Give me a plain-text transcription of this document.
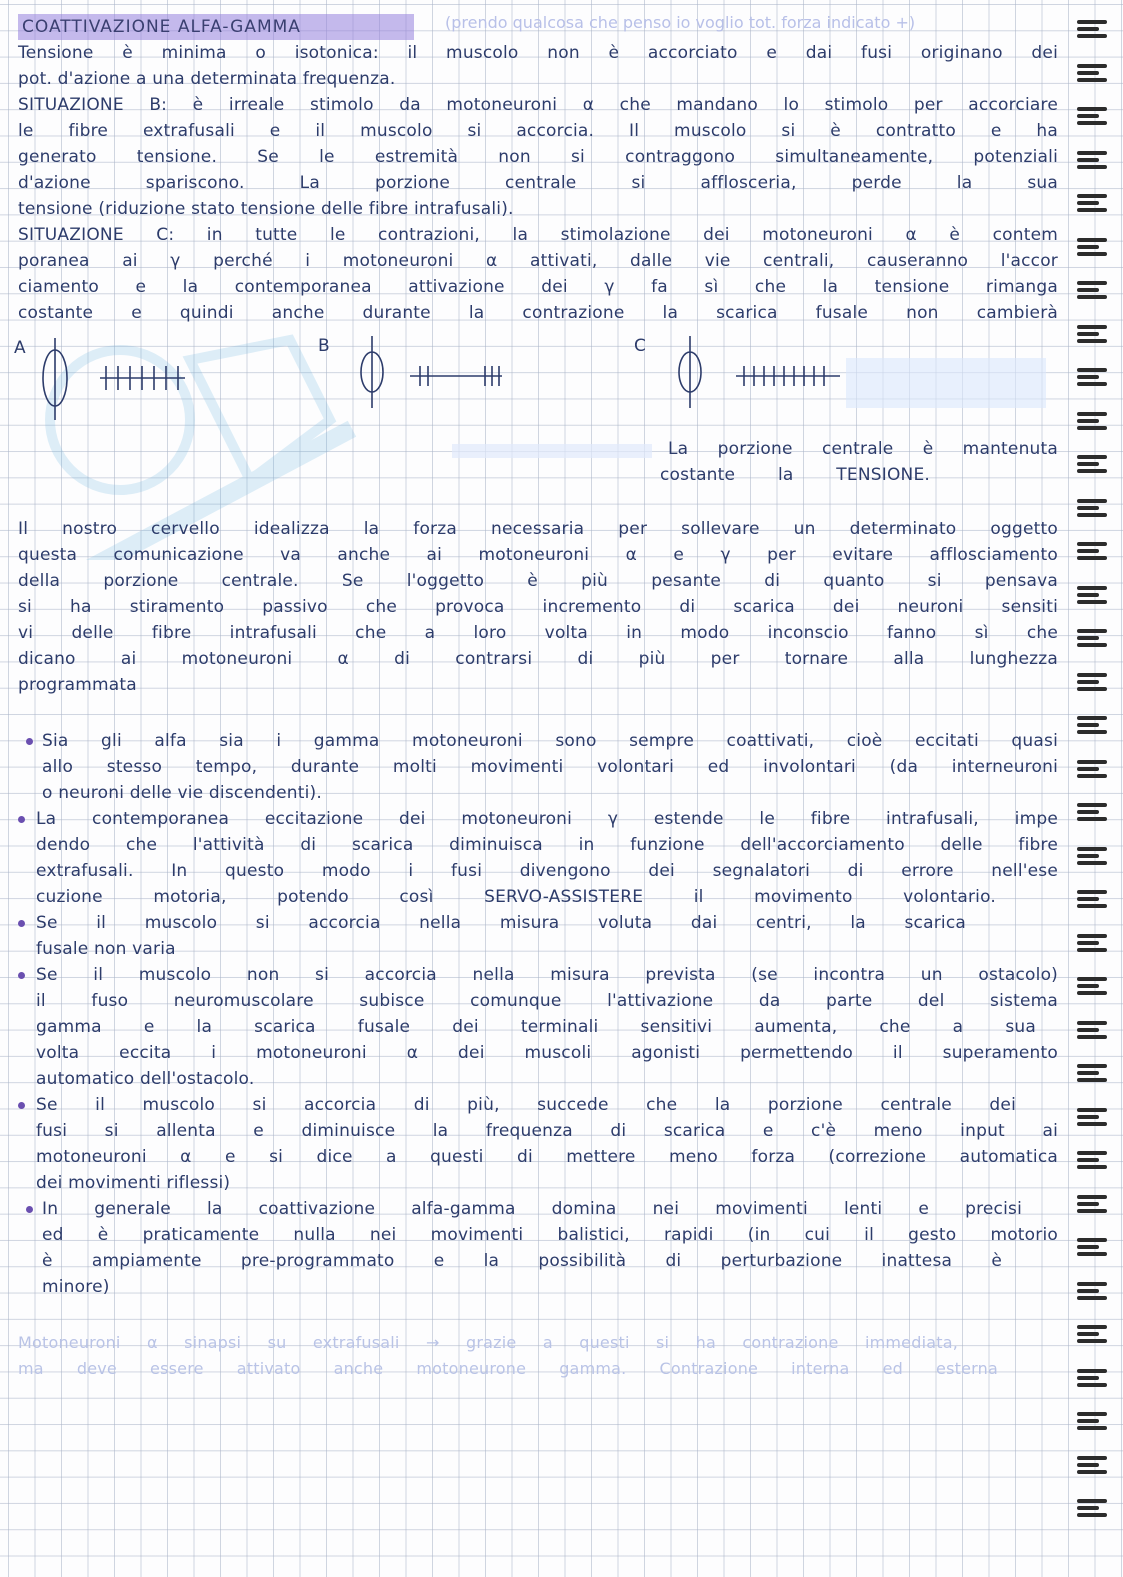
COATTIVAZIONE ALFA-GAMMA	(prendo qualcosa che penso io voglio tot. forza indicato +)
Tensione è minima o isotonica: il muscolo non è accorciato e dai fusi originano dei
pot. d'azione a una determinata frequenza.
SITUAZIONE B: è irreale stimolo da motoneuroni α che mandano lo stimolo per accorciare
le fibre extrafusali e il muscolo si accorcia. Il muscolo si è contratto e ha
generato tensione. Se le estremità non si contraggono simultaneamente, potenziali
d'azione spariscono. La porzione centrale si afflosceria, perde la sua
tensione (riduzione stato tensione delle fibre intrafusali).
SITUAZIONE C: in tutte le contrazioni, la stimolazione dei motoneuroni α è contem
poranea ai γ perché i motoneuroni α attivati, dalle vie centrali, causeranno l'accor
ciamento e la contemporanea attivazione dei γ fa sì che la tensione rimanga
costante e quindi anche durante la contrazione la scarica fusale non cambierà
A	B	C
La porzione centrale è mantenuta
costante la TENSIONE.
Il nostro cervello idealizza la forza necessaria per sollevare un determinato oggetto
questa comunicazione va anche ai motoneuroni α e γ per evitare afflosciamento
della porzione centrale. Se l'oggetto è più pesante di quanto si pensava
si ha stiramento passivo che provoca incremento di scarica dei neuroni sensiti
vi delle fibre intrafusali che a loro volta in modo inconscio fanno sì che
dicano ai motoneuroni α di contrarsi di più per tornare alla lunghezza
programmata
Sia gli alfa sia i gamma motoneuroni sono sempre coattivati, cioè eccitati quasi
allo stesso tempo, durante molti movimenti volontari ed involontari (da interneuroni
o neuroni delle vie discendenti).
La contemporanea eccitazione dei motoneuroni γ estende le fibre intrafusali, impe
dendo che l'attività di scarica diminuisca in funzione dell'accorciamento delle fibre
extrafusali. In questo modo i fusi divengono dei segnalatori di errore nell'ese
cuzione motoria, potendo così SERVO-ASSISTERE il movimento volontario.
Se il muscolo si accorcia nella misura voluta dai centri, la scarica
fusale non varia
Se il muscolo non si accorcia nella misura prevista (se incontra un ostacolo)
il fuso neuromuscolare subisce comunque l'attivazione da parte del sistema
gamma e la scarica fusale dei terminali sensitivi aumenta, che a sua
volta eccita i motoneuroni α dei muscoli agonisti permettendo il superamento
automatico dell'ostacolo.
Se il muscolo si accorcia di più, succede che la porzione centrale dei
fusi si allenta e diminuisce la frequenza di scarica e c'è meno input ai
motoneuroni α e si dice a questi di mettere meno forza (correzione automatica
dei movimenti riflessi)
In generale la coattivazione alfa-gamma domina nei movimenti lenti e precisi
ed è praticamente nulla nei movimenti balistici, rapidi (in cui il gesto motorio
è ampiamente pre-programmato e la possibilità di perturbazione inattesa è
minore)
Motoneuroni α sinapsi su extrafusali → grazie a questi si ha contrazione immediata,
ma deve essere attivato anche motoneurone gamma. Contrazione interna ed esterna
